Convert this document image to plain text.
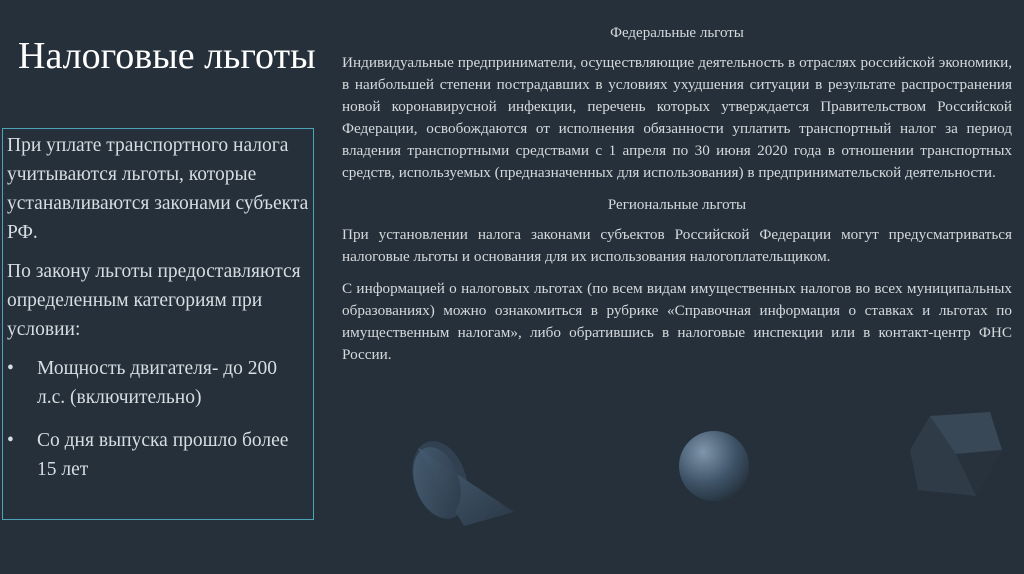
Налоговые льготы

При уплате транспортного налога учитываются льготы, которые устанавливаются законами субъекта РФ.

По закону льготы предоставляются определенным категориям при условии:

• Мощность двигателя- до 200 л.с. (включительно)
• Со дня выпуска прошло более 15 лет
Федеральные льготы

Индивидуальные предприниматели, осуществляющие деятельность в отраслях российской экономики, в наибольшей степени пострадавших в условиях ухудшения ситуации в результате распространения новой коронавирусной инфекции, перечень которых утверждается Правительством Российской Федерации, освобождаются от исполнения обязанности уплатить транспортный налог за период владения транспортными средствами с 1 апреля по 30 июня 2020 года в отношении транспортных средств, используемых (предназначенных для использования) в предпринимательской деятельности.

Региональные льготы

При установлении налога законами субъектов Российской Федерации могут предусматриваться налоговые льготы и основания для их использования налогоплательщиком.

С информацией о налоговых льготах (по всем видам имущественных налогов во всех муниципальных образованиях) можно ознакомиться в рубрике «Справочная информация о ставках и льготах по имущественным налогам», либо обратившись в налоговые инспекции или в контакт-центр ФНС России.
